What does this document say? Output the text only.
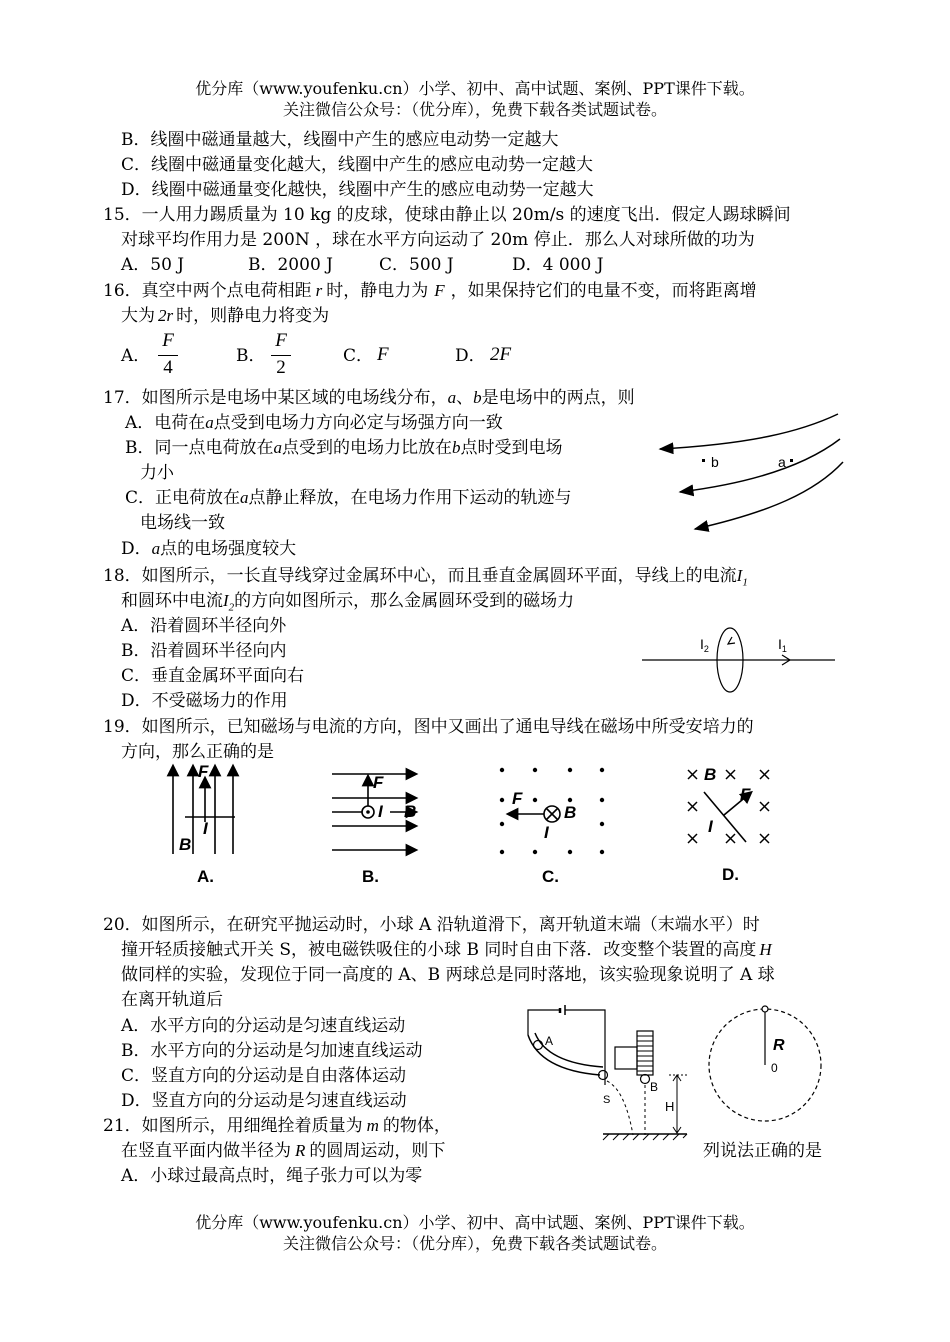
优分库（www.youfenku.cn）小学、初中、高中试题、案例、PPT课件下载。
关注微信公众号：（优分库），免费下载各类试题试卷。
B．线圈中磁通量越大，线圈中产生的感应电动势一定越大
C．线圈中磁通量变化越大，线圈中产生的感应电动势一定越大
D．线圈中磁通量变化越快，线圈中产生的感应电动势一定越大
15．一人用力踢质量为 10 kg 的皮球，使球由静止以 20m/s 的速度飞出．假定人踢球瞬间
对球平均作用力是 200N ，球在水平方向运动了 20m 停止．那么人对球所做的功为
A．50 J	B．2000 J	C．500 J	D．4 000 J
16．真空中两个点电荷相距 r 时，静电力为 F ，如果保持它们的电量不变，而将距离增
大为 2r 时，则静电力将变为
A．
F
4
B．
F
2
C． F	D． 2F
17．如图所示是电场中某区域的电场线分布，a、b是电场中的两点，则
A．电荷在a点受到电场力方向必定与场强方向一致
B．同一点电荷放在a点受到的电场力比放在b点时受到电场
力小
C．正电荷放在a点静止释放，在电场力作用下运动的轨迹与
电场线一致
D．a点的电场强度较大
b	a
18．如图所示，一长直导线穿过金属环中心，而且垂直金属圆环平面，导线上的电流$I_1$
和圆环中电流$I_2$的方向如图所示，那么金属圆环受到的磁场力
A．沿着圆环半径向外
B．沿着圆环半径向内
C．垂直金属环平面向右
D．不受磁场力的作用
$I_2$	$I_1$
19．如图所示，已知磁场与电流的方向，图中又画出了通电导线在磁场中所受安培力的
方向，那么正确的是
F
I
B
A.
F
I B
B.
F
B
I
C.
B
F
I
D.
20．如图所示，在研究平抛运动时，小球 A 沿轨道滑下，离开轨道末端（末端水平）时
撞开轻质接触式开关 S，被电磁铁吸住的小球 B 同时自由下落．改变整个装置的高度 H
做同样的实验，发现位于同一高度的 A、B 两球总是同时落地，该实验现象说明了 A 球
在离开轨道后
A．水平方向的分运动是匀速直线运动
B．水平方向的分运动是匀加速直线运动
C．竖直方向的分运动是自由落体运动
D．竖直方向的分运动是匀速直线运动
A
B
S	H
R
0
21．如图所示，用细绳拴着质量为 m 的物体，
在竖直平面内做半径为 R 的圆周运动，则下	列说法正确的是
A．小球过最高点时，绳子张力可以为零
优分库（www.youfenku.cn）小学、初中、高中试题、案例、PPT课件下载。
关注微信公众号：（优分库），免费下载各类试题试卷。
